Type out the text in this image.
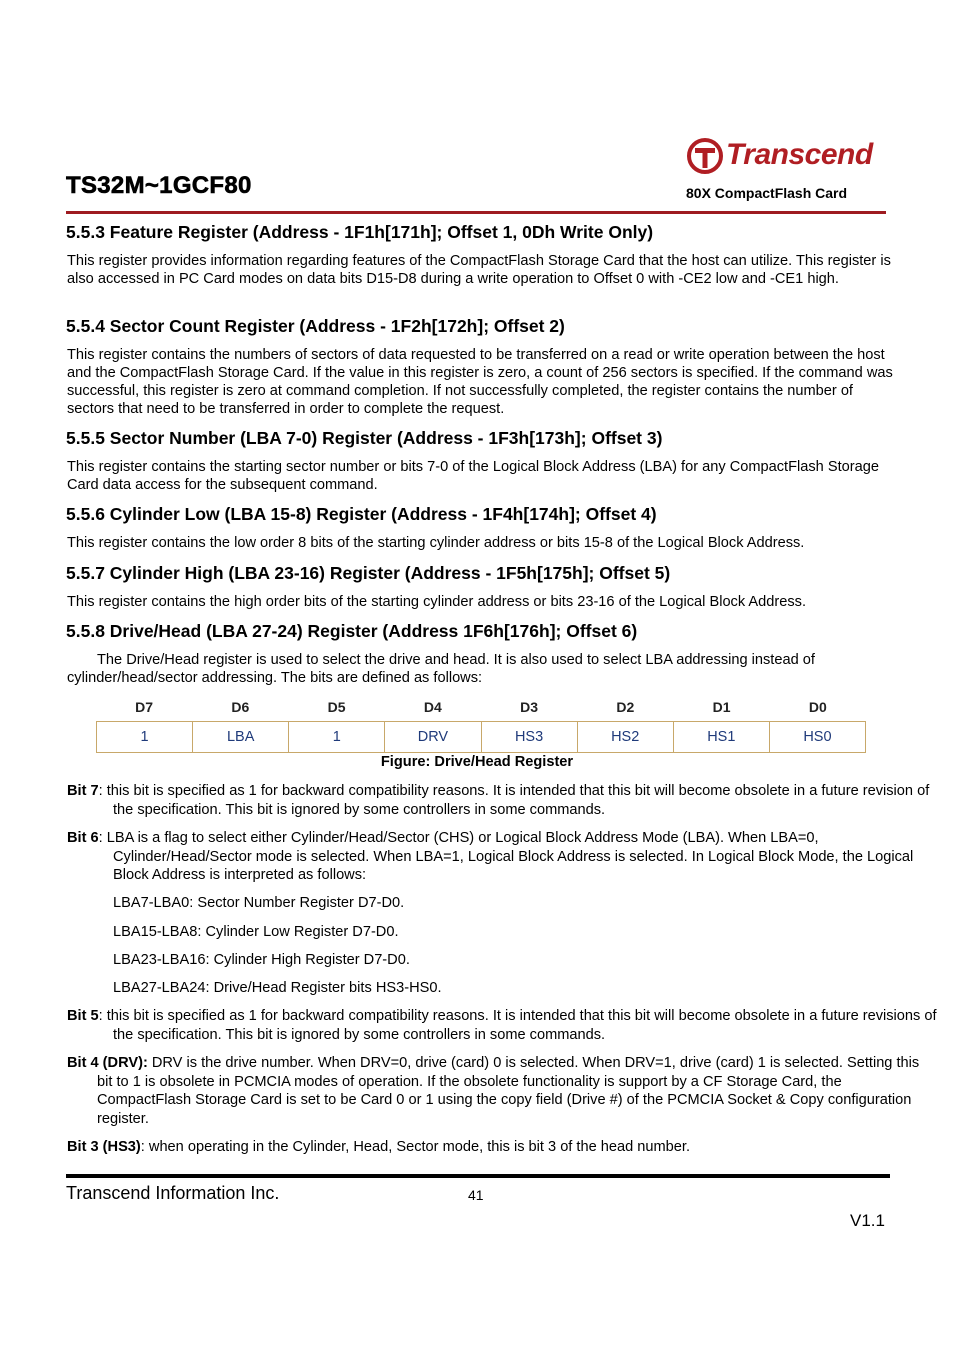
Transcend
TS32M~1GCF80	80X CompactFlash Card
5.5.3 Feature Register (Address - 1F1h[171h]; Offset 1, 0Dh Write Only)

This register provides information regarding features of the CompactFlash Storage Card that the host can utilize. This register is also accessed in PC Card modes on data bits D15-D8 during a write operation to Offset 0 with -CE2 low and -CE1 high.

5.5.4 Sector Count Register (Address - 1F2h[172h]; Offset 2)

This register contains the numbers of sectors of data requested to be transferred on a read or write operation between the host and the CompactFlash Storage Card. If the value in this register is zero, a count of 256 sectors is specified. If the command was successful, this register is zero at command completion. If not successfully completed, the register contains the number of sectors that need to be transferred in order to complete the request.

5.5.5 Sector Number (LBA 7-0) Register (Address - 1F3h[173h]; Offset 3)

This register contains the starting sector number or bits 7-0 of the Logical Block Address (LBA) for any CompactFlash Storage Card data access for the subsequent command.

5.5.6 Cylinder Low (LBA 15-8) Register (Address - 1F4h[174h]; Offset 4)

This register contains the low order 8 bits of the starting cylinder address or bits 15-8 of the Logical Block Address.

5.5.7 Cylinder High (LBA 23-16) Register (Address - 1F5h[175h]; Offset 5)

This register contains the high order bits of the starting cylinder address or bits 23-16 of the Logical Block Address.

5.5.8 Drive/Head (LBA 27-24) Register (Address 1F6h[176h]; Offset 6)

The Drive/Head register is used to select the drive and head. It is also used to select LBA addressing instead of cylinder/head/sector addressing. The bits are defined as follows:

D7	D6	D5	D4	D3	D2	D1	D0
1	LBA	1	DRV	HS3	HS2	HS1	HS0
Figure: Drive/Head Register

Bit 7: this bit is specified as 1 for backward compatibility reasons. It is intended that this bit will become obsolete in a future revision of the specification. This bit is ignored by some controllers in some commands.

Bit 6: LBA is a flag to select either Cylinder/Head/Sector (CHS) or Logical Block Address Mode (LBA). When LBA=0, Cylinder/Head/Sector mode is selected. When LBA=1, Logical Block Address is selected. In Logical Block Mode, the Logical Block Address is interpreted as follows:

LBA7-LBA0: Sector Number Register D7-D0.
LBA15-LBA8: Cylinder Low Register D7-D0.
LBA23-LBA16: Cylinder High Register D7-D0.
LBA27-LBA24: Drive/Head Register bits HS3-HS0.

Bit 5: this bit is specified as 1 for backward compatibility reasons. It is intended that this bit will become obsolete in a future revisions of the specification. This bit is ignored by some controllers in some commands.

Bit 4 (DRV): DRV is the drive number. When DRV=0, drive (card) 0 is selected. When DRV=1, drive (card) 1 is selected. Setting this bit to 1 is obsolete in PCMCIA modes of operation. If the obsolete functionality is support by a CF Storage Card, the CompactFlash Storage Card is set to be Card 0 or 1 using the copy field (Drive #) of the PCMCIA Socket & Copy configuration register.

Bit 3 (HS3): when operating in the Cylinder, Head, Sector mode, this is bit 3 of the head number.

Transcend Information Inc.	41
V1.1
